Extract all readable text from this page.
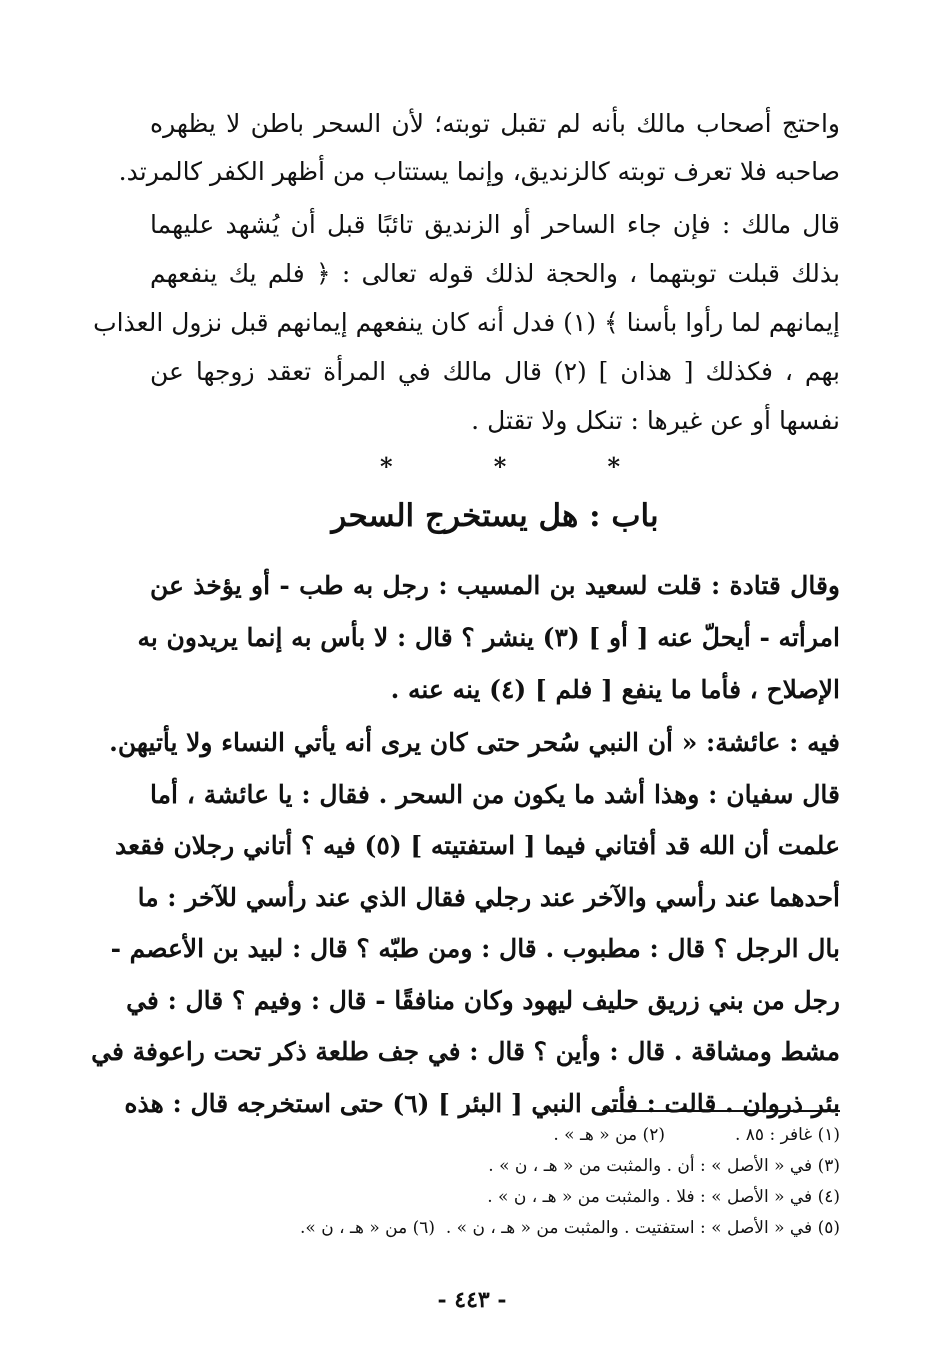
واحتج أصحاب مالك بأنه لم تقبل توبته؛ لأن السحر باطن لا يظهره
صاحبه فلا تعرف توبته كالزنديق، وإنما يستتاب من أظهر الكفر كالمرتد.
قال مالك : فإن جاء الساحر أو الزنديق تائبًا قبل أن يُشهد عليهما
بذلك قبلت توبتهما ، والحجة لذلك قوله تعالى : ﴿ فلم يك ينفعهم
إيمانهم لما رأوا بأسنا ﴾ (١) فدل أنه كان ينفعهم إيمانهم قبل نزول العذاب
بهم ، فكذلك [ هذان ] (٢) قال مالك في المرأة تعقد زوجها عن
نفسها أو عن غيرها : تنكل ولا تقتل .
*
*
*
باب : هل يستخرج السحر
وقال قتادة : قلت لسعيد بن المسيب : رجل به طب - أو يؤخذ عن
امرأته - أيحلّ عنه [ أو ] (٣) ينشر ؟ قال : لا بأس به إنما يريدون به
الإصلاح ، فأما ما ينفع [ فلم ] (٤) ينه عنه .
فيه : عائشة: « أن النبي سُحر حتى كان يرى أنه يأتي النساء ولا يأتيهن.
قال سفيان : وهذا أشد ما يكون من السحر . فقال : يا عائشة ، أما
علمت أن الله قد أفتاني فيما [ استفتيته ] (٥) فيه ؟ أتاني رجلان فقعد
أحدهما عند رأسي والآخر عند رجلي فقال الذي عند رأسي للآخر : ما
بال الرجل ؟ قال : مطبوب . قال : ومن طبّه ؟ قال : لبيد بن الأعصم -
رجل من بني زريق حليف ليهود وكان منافقًا - قال : وفيم ؟ قال : في
مشط ومشاقة . قال : وأين ؟ قال : في جف طلعة ذكر تحت راعوفة في
بئر ذروان . قالت : فأتى النبي [ البئر ] (٦) حتى استخرجه قال : هذه
(١) غافر : ٨٥ .(٢) من « هـ » .
(٣) في « الأصل » : أن . والمثبت من « هـ ، ن » .
(٤) في « الأصل » : فلا . والمثبت من « هـ ، ن » .
(٥) في « الأصل » : استفتيت . والمثبت من « هـ ، ن » .  (٦) من « هـ ، ن ».
- ٤٤٣ -
